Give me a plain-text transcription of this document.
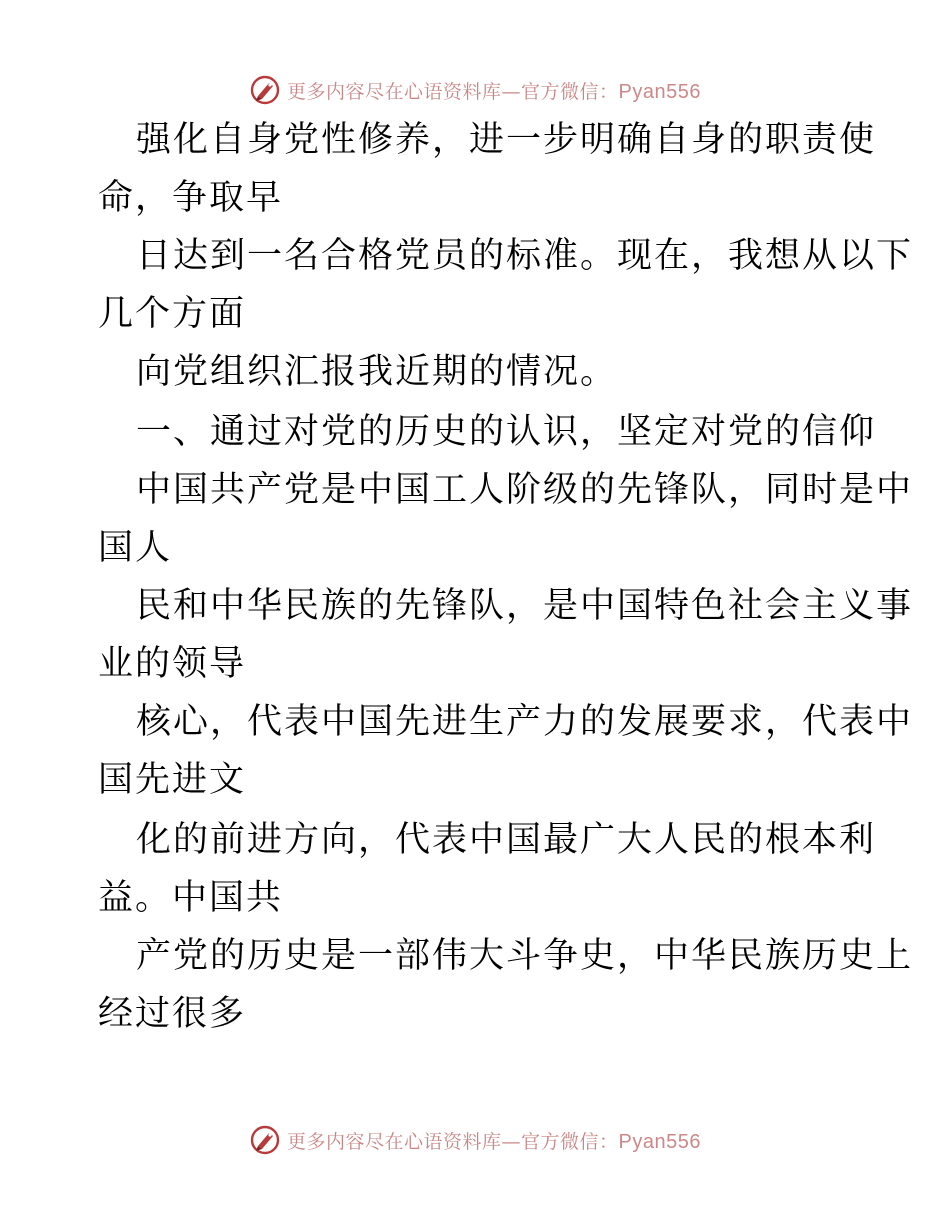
更多内容尽在心语资料库—官方微信：Pyan556
强化自身党性修养，进一步明确自身的职责使
命，争取早
日达到一名合格党员的标准。现在，我想从以下
几个方面
向党组织汇报我近期的情况。
一、通过对党的历史的认识，坚定对党的信仰
中国共产党是中国工人阶级的先锋队，同时是中
国人
民和中华民族的先锋队，是中国特色社会主义事
业的领导
核心，代表中国先进生产力的发展要求，代表中
国先进文
化的前进方向，代表中国最广大人民的根本利
益。中国共
产党的历史是一部伟大斗争史，中华民族历史上
经过很多
更多内容尽在心语资料库—官方微信：Pyan556
